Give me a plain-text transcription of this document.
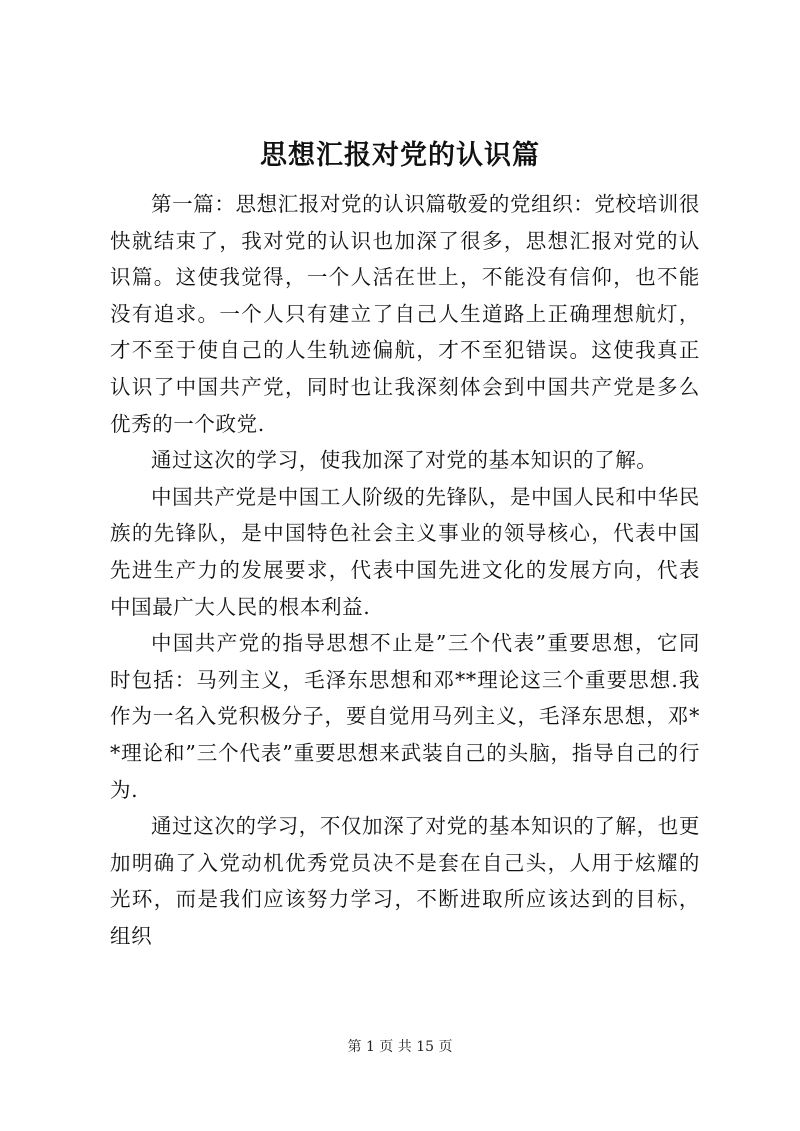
思想汇报对党的认识篇

第一篇：思想汇报对党的认识篇敬爱的党组织：党校培训很快就结束了，我对党的认识也加深了很多，思想汇报对党的认识篇。这使我觉得，一个人活在世上，不能没有信仰，也不能没有追求。一个人只有建立了自己人生道路上正确理想航灯，才不至于使自己的人生轨迹偏航，才不至犯错误。这使我真正认识了中国共产党，同时也让我深刻体会到中国共产党是多么优秀的一个政党.

通过这次的学习，使我加深了对党的基本知识的了解。

中国共产党是中国工人阶级的先锋队，是中国人民和中华民族的先锋队，是中国特色社会主义事业的领导核心，代表中国先进生产力的发展要求，代表中国先进文化的发展方向，代表中国最广大人民的根本利益.

中国共产党的指导思想不止是”三个代表”重要思想，它同时包括：马列主义，毛泽东思想和邓**理论这三个重要思想.我作为一名入党积极分子，要自觉用马列主义，毛泽东思想，邓**理论和”三个代表”重要思想来武装自己的头脑，指导自己的行为.

通过这次的学习，不仅加深了对党的基本知识的了解，也更加明确了入党动机优秀党员决不是套在自己头，人用于炫耀的光环，而是我们应该努力学习，不断进取所应该达到的目标，组织

第 1 页 共 15 页
